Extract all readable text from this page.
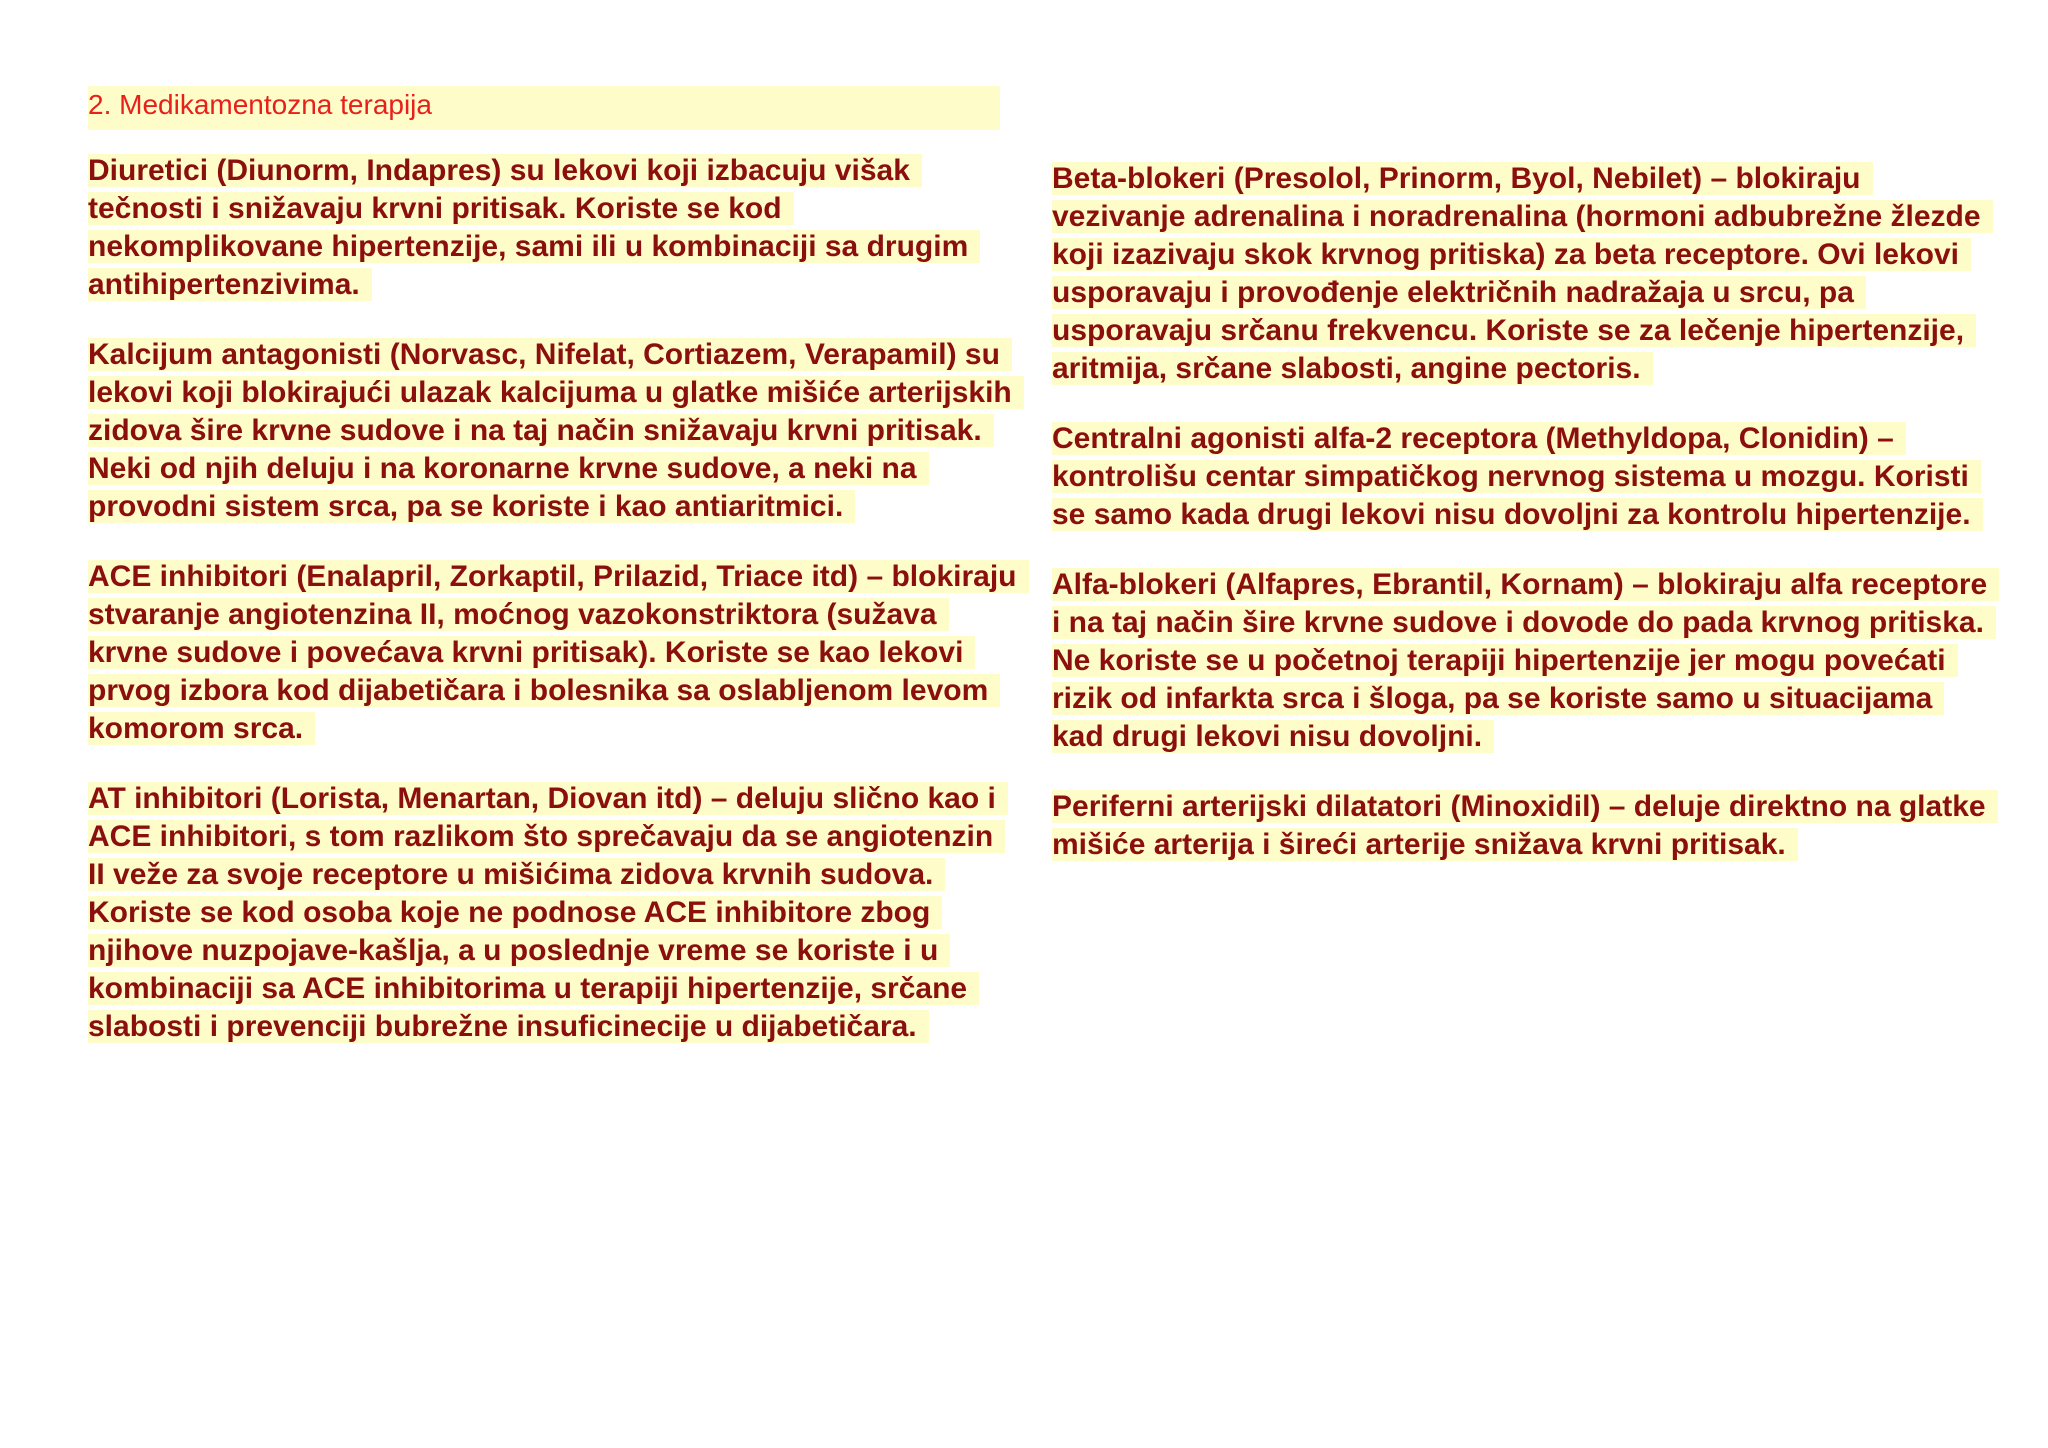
2. Medikamentozna terapija

Diuretici (Diunorm, Indapres) su lekovi koji izbacuju višak tečnosti i snižavaju krvni pritisak. Koriste se kod nekomplikovane hipertenzije, sami ili u kombinaciji sa drugim antihipertenzivima.

Kalcijum antagonisti (Norvasc, Nifelat, Cortiazem, Verapamil) su lekovi koji blokirajući ulazak kalcijuma u glatke mišiće arterijskih zidova šire krvne sudove i na taj način snižavaju krvni pritisak. Neki od njih deluju i na koronarne krvne sudove, a neki na provodni sistem srca, pa se koriste i kao antiaritmici.

ACE inhibitori (Enalapril, Zorkaptil, Prilazid, Triace itd) – blokiraju stvaranje angiotenzina II, moćnog vazokonstriktora (sužava krvne sudove i povećava krvni pritisak). Koriste se kao lekovi prvog izbora kod dijabetičara i bolesnika sa oslabljenom levom komorom srca.

AT inhibitori (Lorista, Menartan, Diovan itd) – deluju slično kao i ACE inhibitori, s tom razlikom što sprečavaju da se angiotenzin II veže za svoje receptore u mišićima zidova krvnih sudova. Koriste se kod osoba koje ne podnose ACE inhibitore zbog njihove nuzpojave-kašlja, a u poslednje vreme se koriste i u kombinaciji sa ACE inhibitorima u terapiji hipertenzije, srčane slabosti i prevenciji bubrežne insuficinecije u dijabetičara.

Beta-blokeri (Presolol, Prinorm, Byol, Nebilet) – blokiraju vezivanje adrenalina i noradrenalina (hormoni adbubrežne žlezde koji izazivaju skok krvnog pritiska) za beta receptore. Ovi lekovi usporavaju i provođenje električnih nadražaja u srcu, pa usporavaju srčanu frekvencu. Koriste se za lečenje hipertenzije, aritmija, srčane slabosti, angine pectoris.

Centralni agonisti alfa-2 receptora (Methyldopa, Clonidin) – kontrolišu centar simpatičkog nervnog sistema u mozgu. Koristi se samo kada drugi lekovi nisu dovoljni za kontrolu hipertenzije.

Alfa-blokeri (Alfapres, Ebrantil, Kornam) – blokiraju alfa receptore i na taj način šire krvne sudove i dovode do pada krvnog pritiska. Ne koriste se u početnoj terapiji hipertenzije jer mogu povećati rizik od infarkta srca i šloga, pa se koriste samo u situacijama kad drugi lekovi nisu dovoljni.

Periferni arterijski dilatatori (Minoxidil) – deluje direktno na glatke mišiće arterija i šireći arterije snižava krvni pritisak.
